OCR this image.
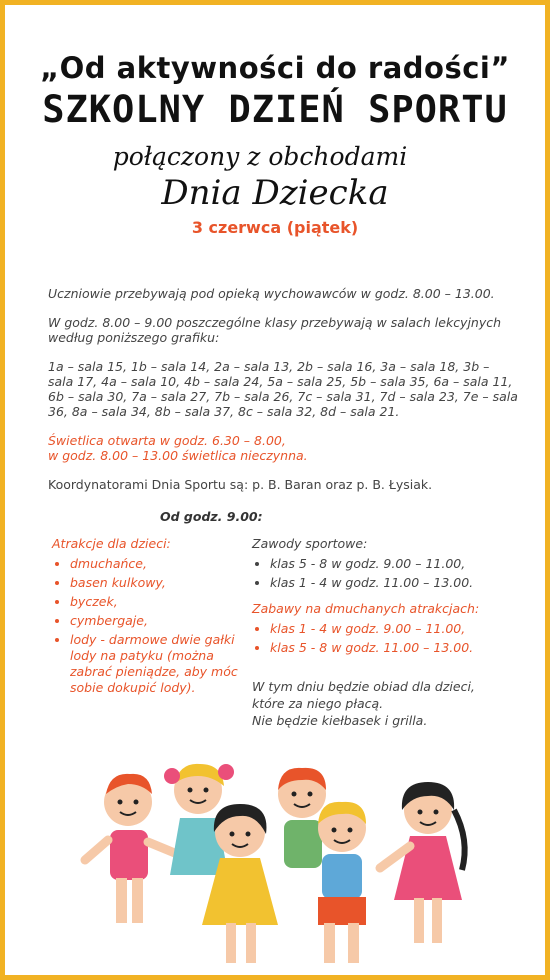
„Od aktywności do radości”

SZKOLNY DZIEŃ SPORTU

połączony z obchodami

Dnia Dziecka

3 czerwca (piątek)

Uczniowie przebywają pod opieką wychowawców w godz. 8.00 – 13.00.

W godz. 8.00 – 9.00 poszczególne klasy przebywają w salach lekcyjnych według poniższego grafiku:

1a – sala 15, 1b – sala 14, 2a – sala 13, 2b – sala 16, 3a – sala 18, 3b – sala 17, 4a – sala 10, 4b – sala 24, 5a – sala 25, 5b – sala 35, 6a – sala 11, 6b – sala 30, 7a – sala 27, 7b – sala 26, 7c – sala 31, 7d – sala 23, 7e – sala 36, 8a – sala 34, 8b – sala 37, 8c – sala 32, 8d – sala 21.

Świetlica otwarta w godz. 6.30 – 8.00,
w godz. 8.00 – 13.00 świetlica nieczynna.

Koordynatorami Dnia Sportu są: p. B. Baran oraz p. B. Łysiak.

Od godz. 9.00:
Atrakcje dla dzieci:
• dmuchańce,
• basen kulkowy,
• byczek,
• cymbergaje,
• lody - darmowe dwie gałki lody na patyku (można zabrać pieniądze, aby móc sobie dokupić lody).
Zawody sportowe:
• klas 5 - 8 w godz. 9.00 – 11.00,
• klas 1 - 4 w godz. 11.00 – 13.00.
Zabawy na dmuchanych atrakcjach:
• klas 1 - 4 w godz. 9.00 – 11.00,
• klas 5 - 8 w godz. 11.00 – 13.00.
W tym dniu będzie obiad dla dzieci,
które za niego płacą.
Nie będzie kiełbasek i grilla.
